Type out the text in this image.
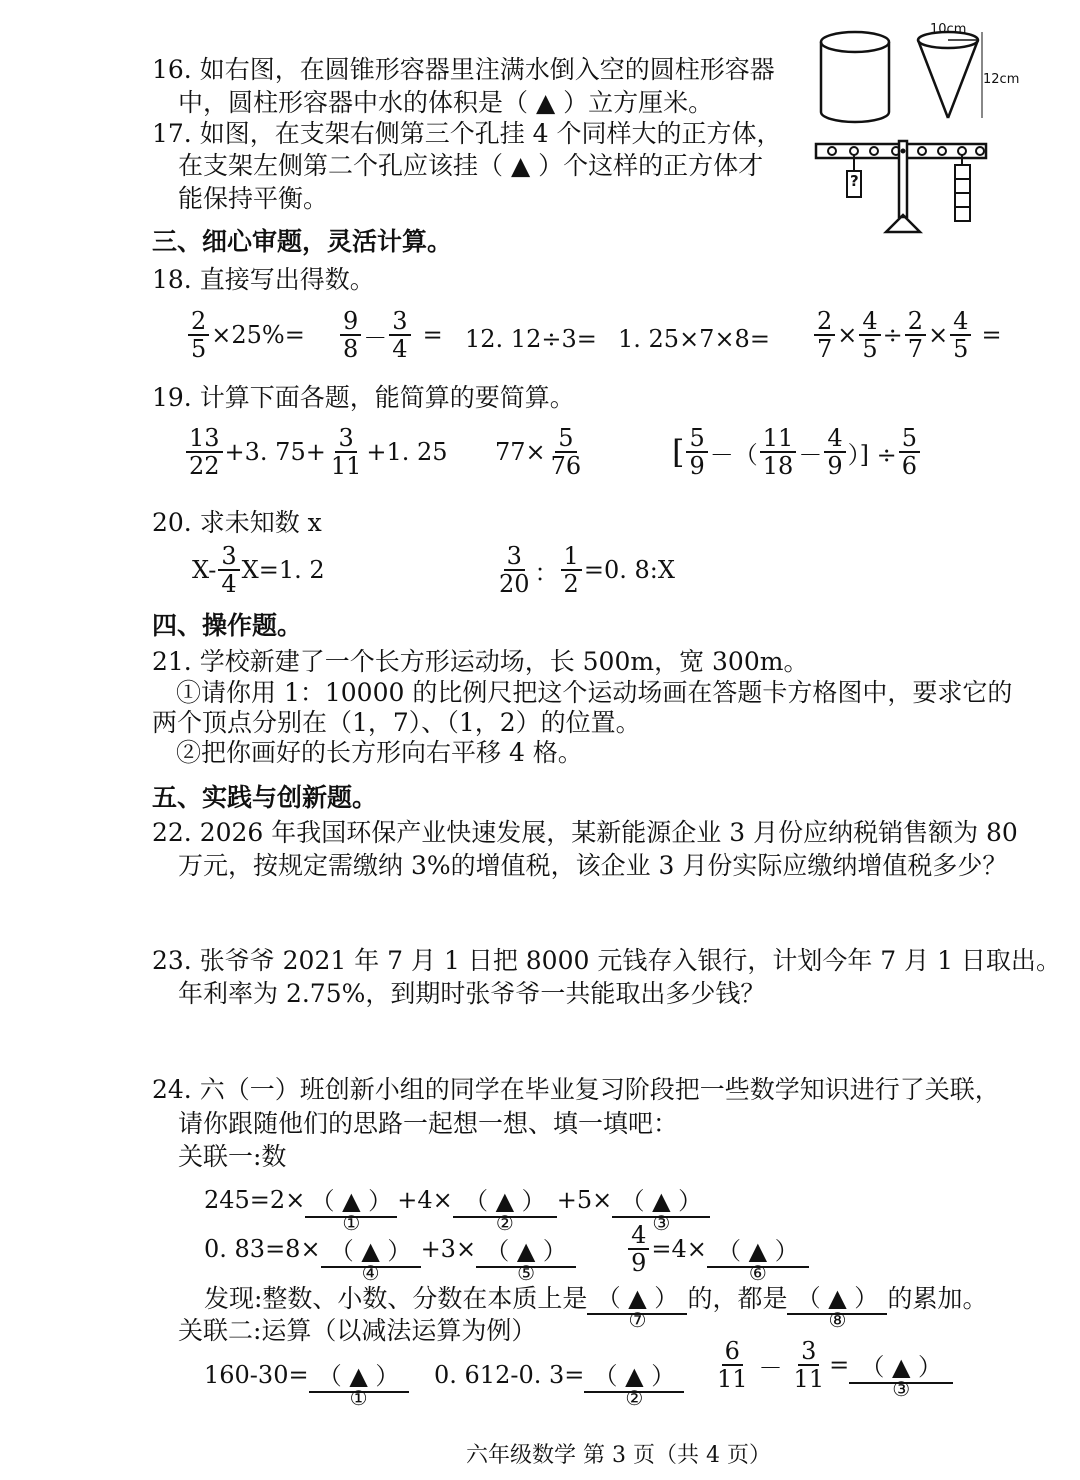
16. 如右图，在圆锥形容器里注满水倒入空的圆柱形容器
中，圆柱形容器中水的体积是（ ▲ ）立方厘米。
10cm
12cm
17. 如图，在支架右侧第三个孔挂 4 个同样大的正方体，
在支架左侧第二个孔应该挂（ ▲ ）个这样的正方体才
能保持平衡。
?
三、细心审题，灵活计算。
18. 直接写出得数。
$\frac{2}{5} \times 25\%= \frac{9}{8} - \frac{3}{4} = 12$. 12÷3= 1. $25\times 7\times 8= \frac{2}{7} \times \frac{4}{5} \div \frac{2}{7} \times \frac{4}{5}$ =
19. 计算下面各题，能简算的要简算。
$\frac{13}{22} +3$. $75+ \frac{3}{11} +1$. 25 $77\times \frac{5}{76}$	[ $\frac{5}{9}$ －（ $\frac{11}{18} - \frac{4}{9}$ ）] ÷ $\frac{5}{6}$
20. 求未知数 x
$X- \frac{3}{4} X=1$. 2	$\frac{3}{20}$ ： $\frac{1}{2} =0$. 8:X
四、操作题。
21. 学校新建了一个长方形运动场，长 500m，宽 300m。
①请你用 1：10000 的比例尺把这个运动场画在答题卡方格图中，要求它的
两个顶点分别在（1，7）、（1，2）的位置。
②把你画好的长方形向右平移 4 格。
五、实践与创新题。
22. 2026 年我国环保产业快速发展，某新能源企业 3 月份应纳税销售额为 80
万元，按规定需缴纳 3%的增值税，该企业 3 月份实际应缴纳增值税多少？
23. 张爷爷 2021 年 7 月 1 日把 8000 元钱存入银行，计划今年 7 月 1 日取出。
年利率为 2.75%，到期时张爷爷一共能取出多少钱？
24. 六（一）班创新小组的同学在毕业复习阶段把一些数学知识进行了关联，
请你跟随他们的思路一起想一想、填一填吧：
关联一:数
245=2× （ ▲ ）
①
+4× （ ▲ ）
②
+5× （ ▲ ）
③
0. 83=8× （ ▲ ）
④
+3× （ ▲ ）
⑤	$\frac{4}{9} =4\times$ （ ▲ ）
⑥
发现:整数、小数、分数在本质上是 （ ▲ ）
⑦
的，都是 （ ▲ ）
⑧
的累加。
关联二:运算（以减法运算为例）
160-30= （ ▲ ）
①
0. 612-0. 3= （ ▲ ）
②
$\frac{6}{11} - \frac{3}{11}$ = （ ▲ ）
③
六年级数学 第 3 页（共 4 页）
